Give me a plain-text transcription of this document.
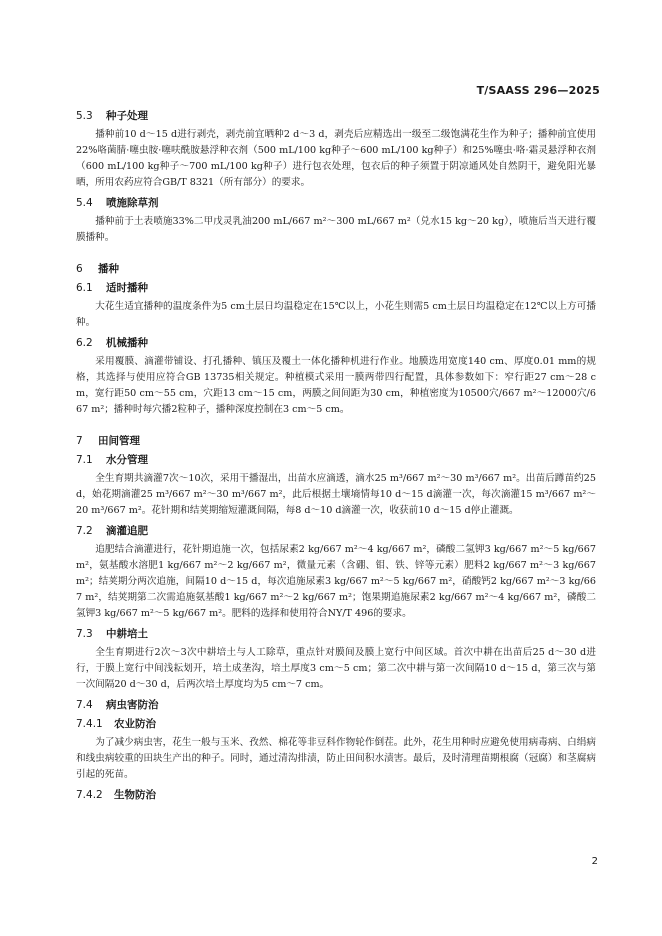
T/SAASS 296—2025
5.3 种子处理

播种前10 d～15 d进行剥壳，剥壳前宜晒种2 d～3 d，剥壳后应精选出一级至二级饱满花生作为种子；播种前宜使用22%咯菌腈·噻虫胺·噻呋酰胺悬浮种衣剂（500 mL/100 kg种子～600 mL/100 kg种子）和25%噻虫·咯·霜灵悬浮种衣剂（600 mL/100 kg种子～700 mL/100 kg种子）进行包衣处理，包衣后的种子须置于阴凉通风处自然阴干，避免阳光暴晒，所用农药应符合GB/T 8321（所有部分）的要求。

5.4 喷施除草剂

播种前于土表喷施33%二甲戊灵乳油200 mL/667 m²～300 mL/667 m²（兑水15 kg～20 kg），喷施后当天进行覆膜播种。

6 播种
6.1 适时播种

大花生适宜播种的温度条件为5 cm土层日均温稳定在15℃以上，小花生则需5 cm土层日均温稳定在12℃以上方可播种。

6.2 机械播种

采用覆膜、滴灌带铺设、打孔播种、镇压及覆土一体化播种机进行作业。地膜选用宽度140 cm、厚度0.01 mm的规格，其选择与使用应符合GB 13735相关规定。种植模式采用一膜两带四行配置，具体参数如下：窄行距27 cm～28 cm，宽行距50 cm～55 cm，穴距13 cm～15 cm，两膜之间间距为30 cm，种植密度为10500穴/667 m²～12000穴/667 m²；播种时每穴播2粒种子，播种深度控制在3 cm～5 cm。

7 田间管理
7.1 水分管理

全生育期共滴灌7次～10次，采用干播湿出，出苗水应滴透，滴水25 m³/667 m²～30 m³/667 m²。出苗后蹲苗约25 d，始花期滴灌25 m³/667 m²～30 m³/667 m²，此后根据土壤墒情每10 d～15 d滴灌一次，每次滴灌15 m³/667 m²～20 m³/667 m²。花针期和结荚期缩短灌溉间隔，每8 d～10 d滴灌一次，收获前10 d～15 d停止灌溉。

7.2 滴灌追肥

追肥结合滴灌进行，花针期追施一次，包括尿素2 kg/667 m²～4 kg/667 m²，磷酸二氢钾3 kg/667 m²～5 kg/667 m²，氨基酸水溶肥1 kg/667 m²～2 kg/667 m²，微量元素（含硼、钼、铁、锌等元素）肥料2 kg/667 m²～3 kg/667 m²；结荚期分两次追施，间隔10 d～15 d，每次追施尿素3 kg/667 m²～5 kg/667 m²，硝酸钙2 kg/667 m²～3 kg/667 m²，结荚期第二次需追施氨基酸1 kg/667 m²～2 kg/667 m²；饱果期追施尿素2 kg/667 m²～4 kg/667 m²，磷酸二氢钾3 kg/667 m²～5 kg/667 m²。肥料的选择和使用符合NY/T 496的要求。

7.3 中耕培土

全生育期进行2次～3次中耕培土与人工除草，重点针对膜间及膜上宽行中间区域。首次中耕在出苗后25 d～30 d进行，于膜上宽行中间浅耘划开，培土成垄沟，培土厚度3 cm～5 cm；第二次中耕与第一次间隔10 d～15 d，第三次与第一次间隔20 d～30 d，后两次培土厚度均为5 cm～7 cm。

7.4 病虫害防治
7.4.1 农业防治

为了减少病虫害，花生一般与玉米、孜然、棉花等非豆科作物轮作倒茬。此外，花生用种时应避免使用病毒病、白绢病和线虫病较重的田块生产出的种子。同时，通过清沟排渍，防止田间积水渍害。最后，及时清理苗期根腐（冠腐）和茎腐病引起的死苗。

7.4.2 生物防治
2
